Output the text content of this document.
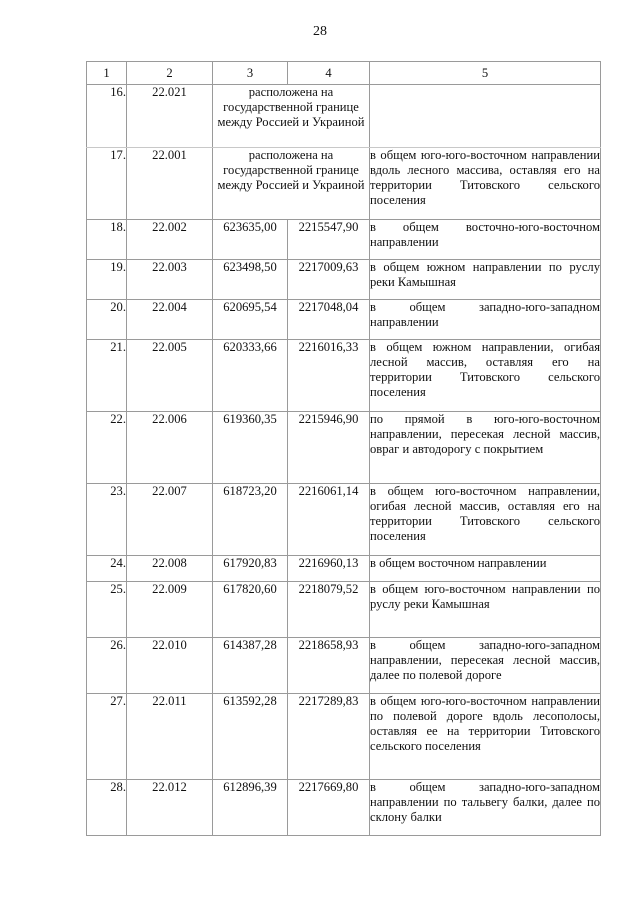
28
1	2	3	4	5
16.	22.021	расположена на государственной границе между Россией и Украиной		
17.	22.001	расположена на государственной границе между Россией и Украиной		в общем юго-юго-восточном направлении вдоль лесного массива, оставляя его на территории Титовского сельского поселения
18.	22.002	623635,00	2215547,90	в общем восточно-юго-восточном направлении
19.	22.003	623498,50	2217009,63	в общем южном направлении по руслу реки Камышная
20.	22.004	620695,54	2217048,04	в общем западно-юго-западном направлении
21.	22.005	620333,66	2216016,33	в общем южном направлении, огибая лесной массив, оставляя его на территории Титовского сельского поселения
22.	22.006	619360,35	2215946,90	по прямой в юго-юго-восточном направлении, пересекая лесной массив, овраг и автодорогу с покрытием
23.	22.007	618723,20	2216061,14	в общем юго-восточном направлении, огибая лесной массив, оставляя его на территории Титовского сельского поселения
24.	22.008	617920,83	2216960,13	в общем восточном направлении
25.	22.009	617820,60	2218079,52	в общем юго-восточном направлении по руслу реки Камышная
26.	22.010	614387,28	2218658,93	в общем западно-юго-западном направлении, пересекая лесной массив, далее по полевой дороге
27.	22.011	613592,28	2217289,83	в общем юго-юго-восточном направлении по полевой дороге вдоль лесополосы, оставляя ее на территории Титовского сельского поселения
28.	22.012	612896,39	2217669,80	в общем западно-юго-западном направлении по тальвегу балки, далее по склону балки
